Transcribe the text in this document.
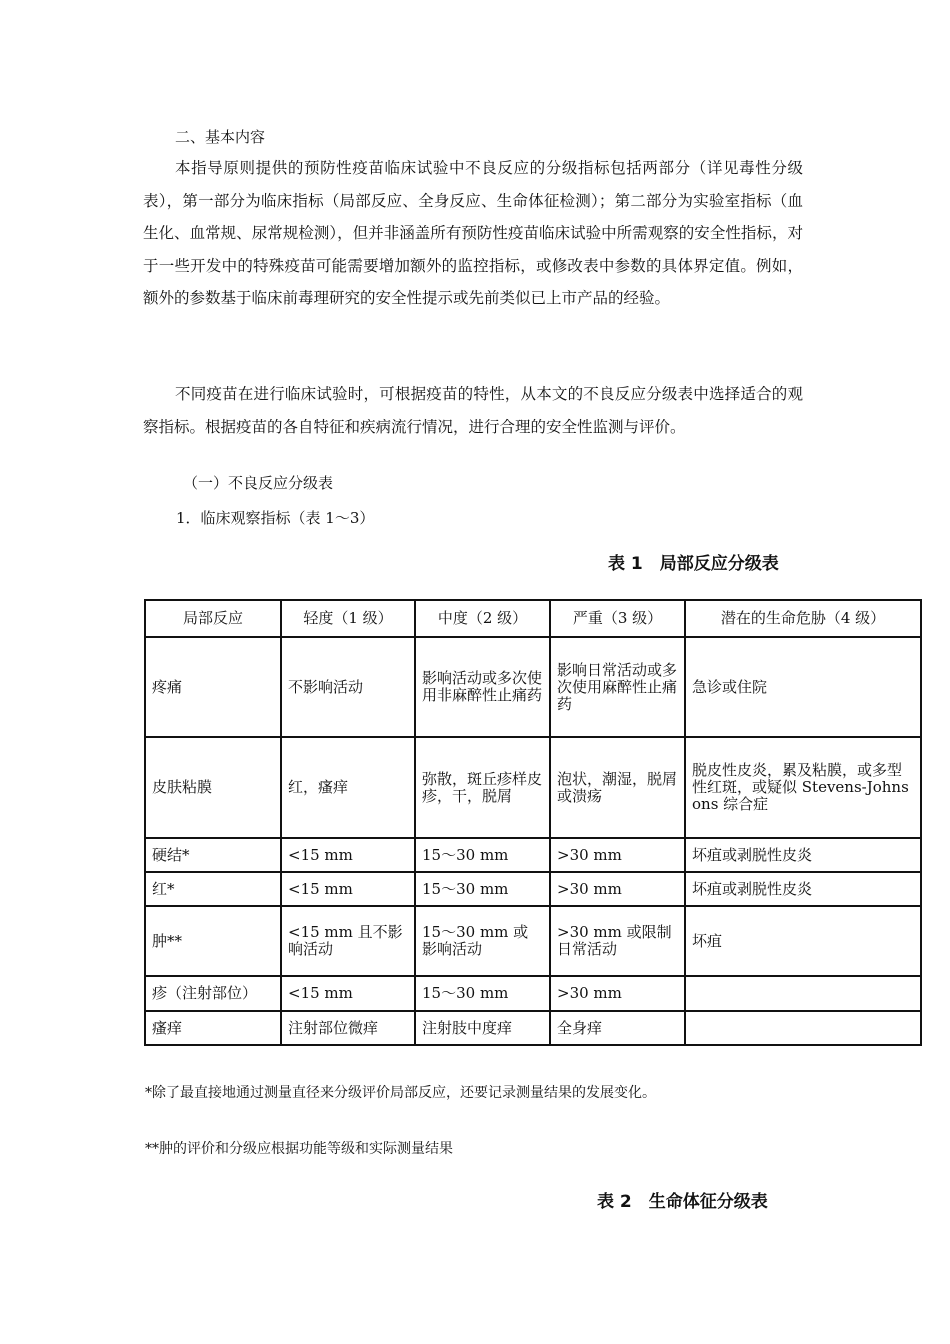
二、基本内容

本指导原则提供的预防性疫苗临床试验中不良反应的分级指标包括两部分（详见毒性分级表），第一部分为临床指标（局部反应、全身反应、生命体征检测）；第二部分为实验室指标（血生化、血常规、尿常规检测），但并非涵盖所有预防性疫苗临床试验中所需观察的安全性指标，对于一些开发中的特殊疫苗可能需要增加额外的监控指标，或修改表中参数的具体界定值。例如，额外的参数基于临床前毒理研究的安全性提示或先前类似已上市产品的经验。

不同疫苗在进行临床试验时，可根据疫苗的特性，从本文的不良反应分级表中选择适合的观察指标。根据疫苗的各自特征和疾病流行情况，进行合理的安全性监测与评价。

（一）不良反应分级表
1．临床观察指标（表 1～3）
表 1　局部反应分级表
局部反应	轻度（1 级）	中度（2 级）	严重（3 级）	潜在的生命危胁（4 级）
疼痛	不影响活动	影响活动或多次使用非麻醉性止痛药	影响日常活动或多次使用麻醉性止痛药	急诊或住院
皮肤粘膜	红，瘙痒	弥散，斑丘疹样皮疹，干，脱屑	泡状，潮湿，脱屑或溃疡	脱皮性皮炎，累及粘膜，或多型性红斑，或疑似 Stevens-Johnsons 综合症
硬结*	<15 mm	15～30 mm	>30 mm	坏疽或剥脱性皮炎
红*	<15 mm	15～30 mm	>30 mm	坏疽或剥脱性皮炎
肿**	<15 mm 且不影响活动	15～30 mm 或影响活动	>30 mm 或限制日常活动	坏疽
疹（注射部位）	<15 mm	15～30 mm	>30 mm	
瘙痒	注射部位微痒	注射肢中度痒	全身痒	
*除了最直接地通过测量直径来分级评价局部反应，还要记录测量结果的发展变化。
**肿的评价和分级应根据功能等级和实际测量结果
表 2　生命体征分级表
